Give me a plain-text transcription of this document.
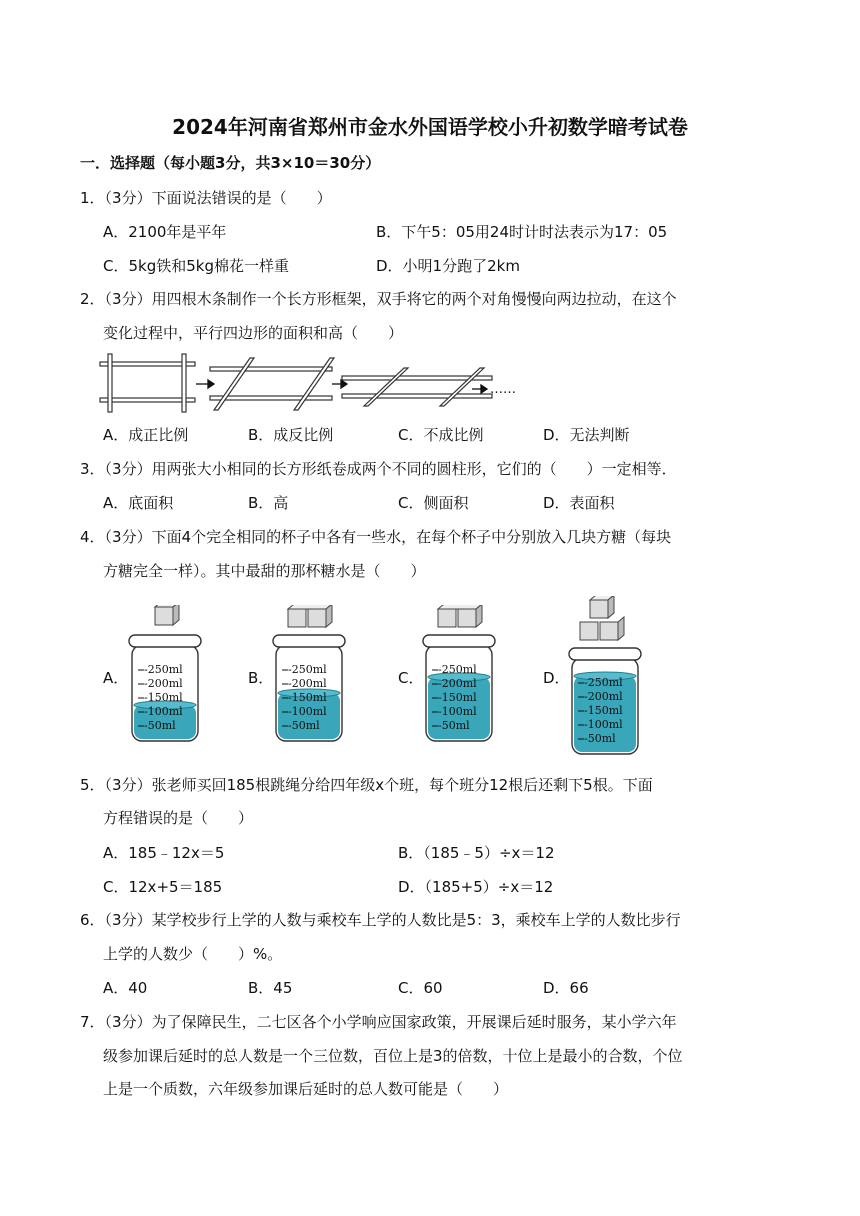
2024年河南省郑州市金水外国语学校小升初数学暗考试卷
一．选择题（每小题3分，共3×10＝30分）
1．（3分）下面说法错误的是（　　）
A．2100年是平年	B．下午5：05用24时计时法表示为17：05
C．5kg铁和5kg棉花一样重	D．小明1分跑了2km
2．（3分）用四根木条制作一个长方形框架，双手将它的两个对角慢慢向两边拉动，在这个
变化过程中，平行四边形的面积和高（　　）
……
A．成正比例	B．成反比例	C．不成比例	D．无法判断
3．（3分）用两张大小相同的长方形纸卷成两个不同的圆柱形，它们的（　　）一定相等．
A．底面积	B．高	C．侧面积	D．表面积
4．（3分）下面4个完全相同的杯子中各有一些水，在每个杯子中分别放入几块方糖（每块
方糖完全一样）。其中最甜的那杯糖水是（　　）
A．	B．	C．	D．
-250ml
-200ml
-150ml
-100ml
-50ml
-250ml
-200ml
-150ml
-100ml
-50ml
-250ml
-200ml
-150ml
-100ml
-50ml
-250ml
-200ml
-150ml
-100ml
-50ml
5．（3分）张老师买回185根跳绳分给四年级x个班，每个班分12根后还剩下5根。下面
方程错误的是（　　）
A．185﹣12x＝5	B．（185﹣5）÷x＝12
C．12x+5＝185	D．（185+5）÷x＝12
6．（3分）某学校步行上学的人数与乘校车上学的人数比是5：3，乘校车上学的人数比步行
上学的人数少（　　）%。
A．40	B．45	C．60	D．66
7．（3分）为了保障民生，二七区各个小学响应国家政策，开展课后延时服务，某小学六年
级参加课后延时的总人数是一个三位数，百位上是3的倍数，十位上是最小的合数，个位
上是一个质数，六年级参加课后延时的总人数可能是（　　）
